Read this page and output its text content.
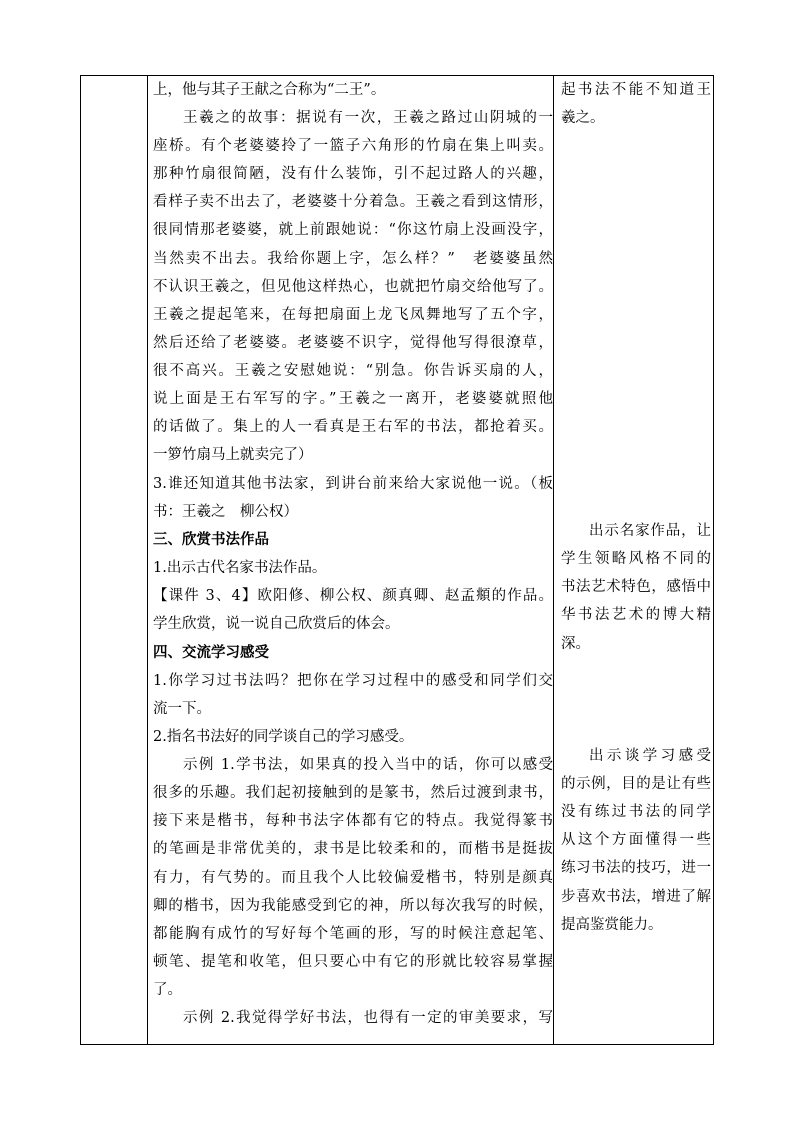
上，他与其子王献之合称为“二王”。
王羲之的故事：据说有一次，王羲之路过山阴城的一
座桥。有个老婆婆拎了一篮子六角形的竹扇在集上叫卖。
那种竹扇很简陋，没有什么装饰，引不起过路人的兴趣，
看样子卖不出去了，老婆婆十分着急。王羲之看到这情形，
很同情那老婆婆，就上前跟她说：“你这竹扇上没画没字，
当然卖不出去。我给你题上字，怎么样？”　老婆婆虽然
不认识王羲之，但见他这样热心，也就把竹扇交给他写了。
王羲之提起笔来，在每把扇面上龙飞凤舞地写了五个字，
然后还给了老婆婆。老婆婆不识字，觉得他写得很潦草，
很不高兴。王羲之安慰她说：“别急。你告诉买扇的人，
说上面是王右军写的字。”王羲之一离开，老婆婆就照他
的话做了。集上的人一看真是王右军的书法，都抢着买。
一箩竹扇马上就卖完了）
3.谁还知道其他书法家，到讲台前来给大家说他一说。（板
书：王羲之　柳公权）
三、欣赏书法作品
1.出示古代名家书法作品。
【课件 3、4】欧阳修、柳公权、颜真卿、赵孟頫的作品。
学生欣赏，说一说自己欣赏后的体会。
四、交流学习感受
1.你学习过书法吗？把你在学习过程中的感受和同学们交
流一下。
2.指名书法好的同学谈自己的学习感受。
示例 1.学书法，如果真的投入当中的话，你可以感受
很多的乐趣。我们起初接触到的是篆书，然后过渡到隶书，
接下来是楷书，每种书法字体都有它的特点。我觉得篆书
的笔画是非常优美的，隶书是比较柔和的，而楷书是挺拔
有力，有气势的。而且我个人比较偏爱楷书，特别是颜真
卿的楷书，因为我能感受到它的神，所以每次我写的时候，
都能胸有成竹的写好每个笔画的形，写的时候注意起笔、
顿笔、提笔和收笔，但只要心中有它的形就比较容易掌握
了。
示例 2.我觉得学好书法，也得有一定的审美要求，写
起书法不能不知道王
羲之。
出示名家作品，让
学生领略风格不同的
书法艺术特色，感悟中
华书法艺术的博大精
深。
出示谈学习感受
的示例，目的是让有些
没有练过书法的同学
从这个方面懂得一些
练习书法的技巧，进一
步喜欢书法，增进了解
提高鉴赏能力。
